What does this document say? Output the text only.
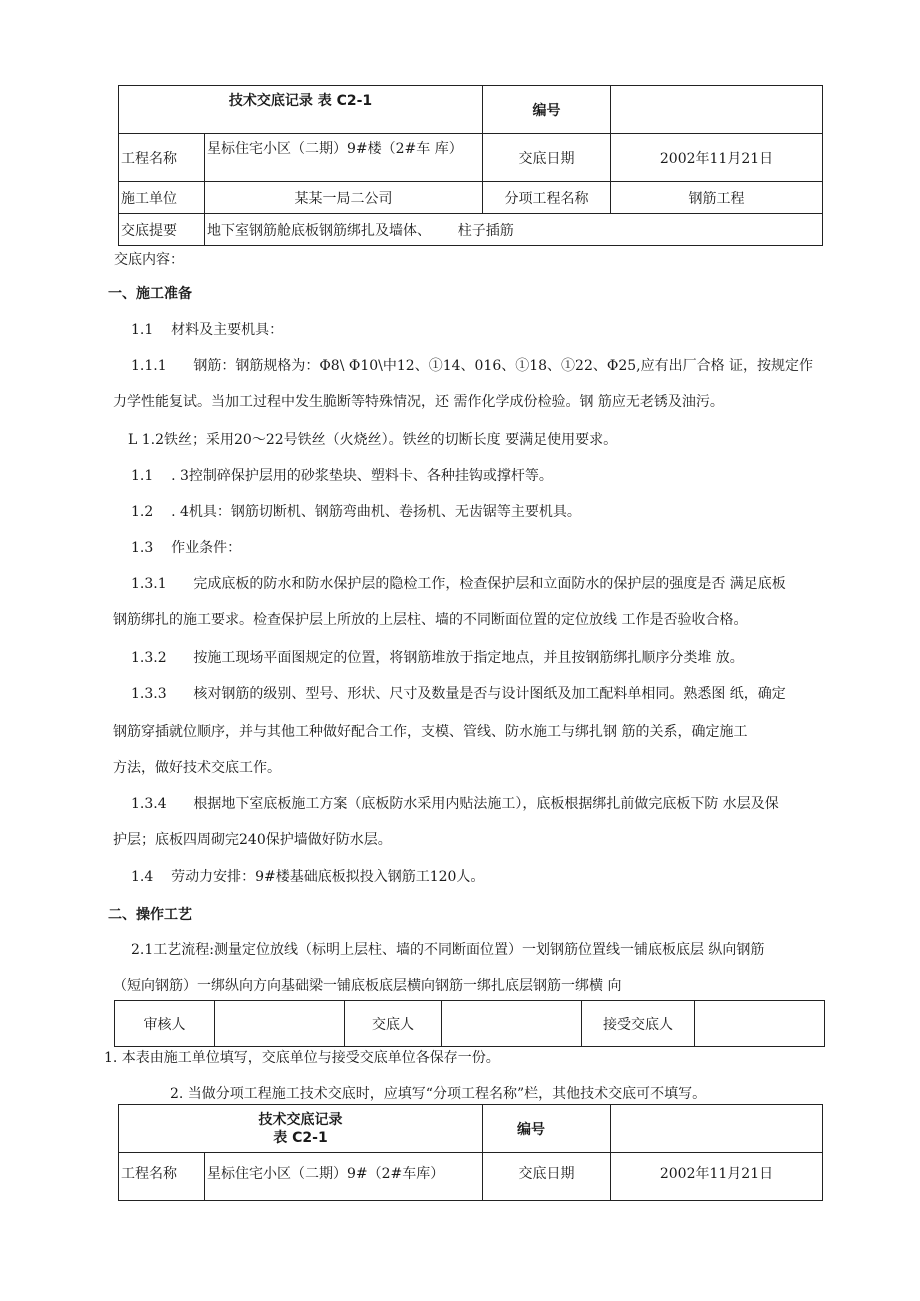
技术交底记录 表 C2-1		编号	
工程名称	星标住宅小区（二期）9#楼（2#车 库）	交底日期	2002年11月21日
施工单位	某某一局二公司	分项工程名称	钢筋工程
交底提要	地下室钢筋舱底板钢筋绑扎及墙体、      柱子插筋		
交底内容：
一、施工准备
1.1    材料及主要机具：
1.1.1      钢筋：钢筋规格为：Φ8\ Φ10\中12、①14、016、①18、①22、Φ25,应有出厂合格 证，按规定作
力学性能复试。当加工过程中发生脆断等特殊情况，还 需作化学成份检验。钢 筋应无老锈及油污。
L 1.2铁丝；采用20～22号铁丝（火烧丝）。铁丝的切断长度 要满足使用要求。
1.1    . 3控制碎保护层用的砂浆垫块、塑料卡、各种挂钩或撑杆等。
1.2    . 4机具：钢筋切断机、钢筋弯曲机、卷扬机、无齿锯等主要机具。
1.3    作业条件：
1.3.1      完成底板的防水和防水保护层的隐检工作，检查保护层和立面防水的保护层的强度是否 满足底板
钢筋绑扎的施工要求。检查保护层上所放的上层柱、墙的不同断面位置的定位放线 工作是否验收合格。
1.3.2      按施工现场平面图规定的位置，将钢筋堆放于指定地点，并且按钢筋绑扎顺序分类堆 放。
1.3.3      核对钢筋的级别、型号、形状、尺寸及数量是否与设计图纸及加工配料单相同。熟悉图 纸，确定
钢筋穿插就位顺序，并与其他工种做好配合工作，支模、管线、防水施工与绑扎钢 筋的关系，确定施工
方法，做好技术交底工作。
1.3.4      根据地下室底板施工方案（底板防水采用内贴法施工），底板根据绑扎前做完底板下防 水层及保
护层；底板四周砌完240保护墙做好防水层。
1.4    劳动力安排：9#楼基础底板拟投入钢筋工120人。
二、操作工艺
2.1工艺流程:测量定位放线（标明上层柱、墙的不同断面位置）一划钢筋位置线一铺底板底层 纵向钢筋
（短向钢筋）一绑纵向方向基础梁一铺底板底层横向钢筋一绑扎底层钢筋一绑横 向
审核人		交底人		接受交底人	
1. 本表由施工单位填写，交底单位与接受交底单位各保存一份。
2. 当做分项工程施工技术交底时，应填写“分项工程名称”栏，其他技术交底可不填写。
技术交底记录
表 C2-1		编号	
工程名称	星标住宅小区（二期）9#（2#车库）	交底日期	2002年11月21日
